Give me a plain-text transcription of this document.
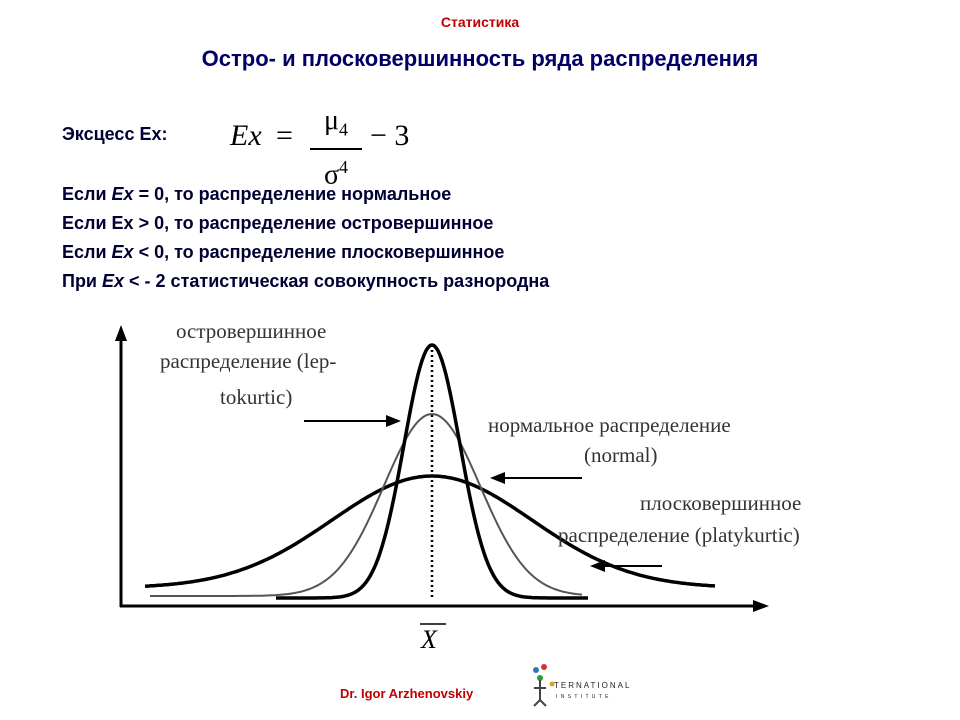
Статистика
Остро- и плосковершинность ряда распределения
Эксцесс Ex: Ex =	$\mu_4$
$\sigma^4$
− 3
Если Ex = 0, то распределение нормальное
Если Ex > 0, то распределение островершинное
Если Ex < 0, то распределение плосковершинное
При Ex < - 2 статистическая совокупность разнородна
островершинное
распределение (lep-
tokurtic)
нормальное распределение
(normal)
плосковершинное
распределение (platykurtic)
X
Dr. Igor Arzhenovskiy
TERNATIONAL
I N S T I T U T E
